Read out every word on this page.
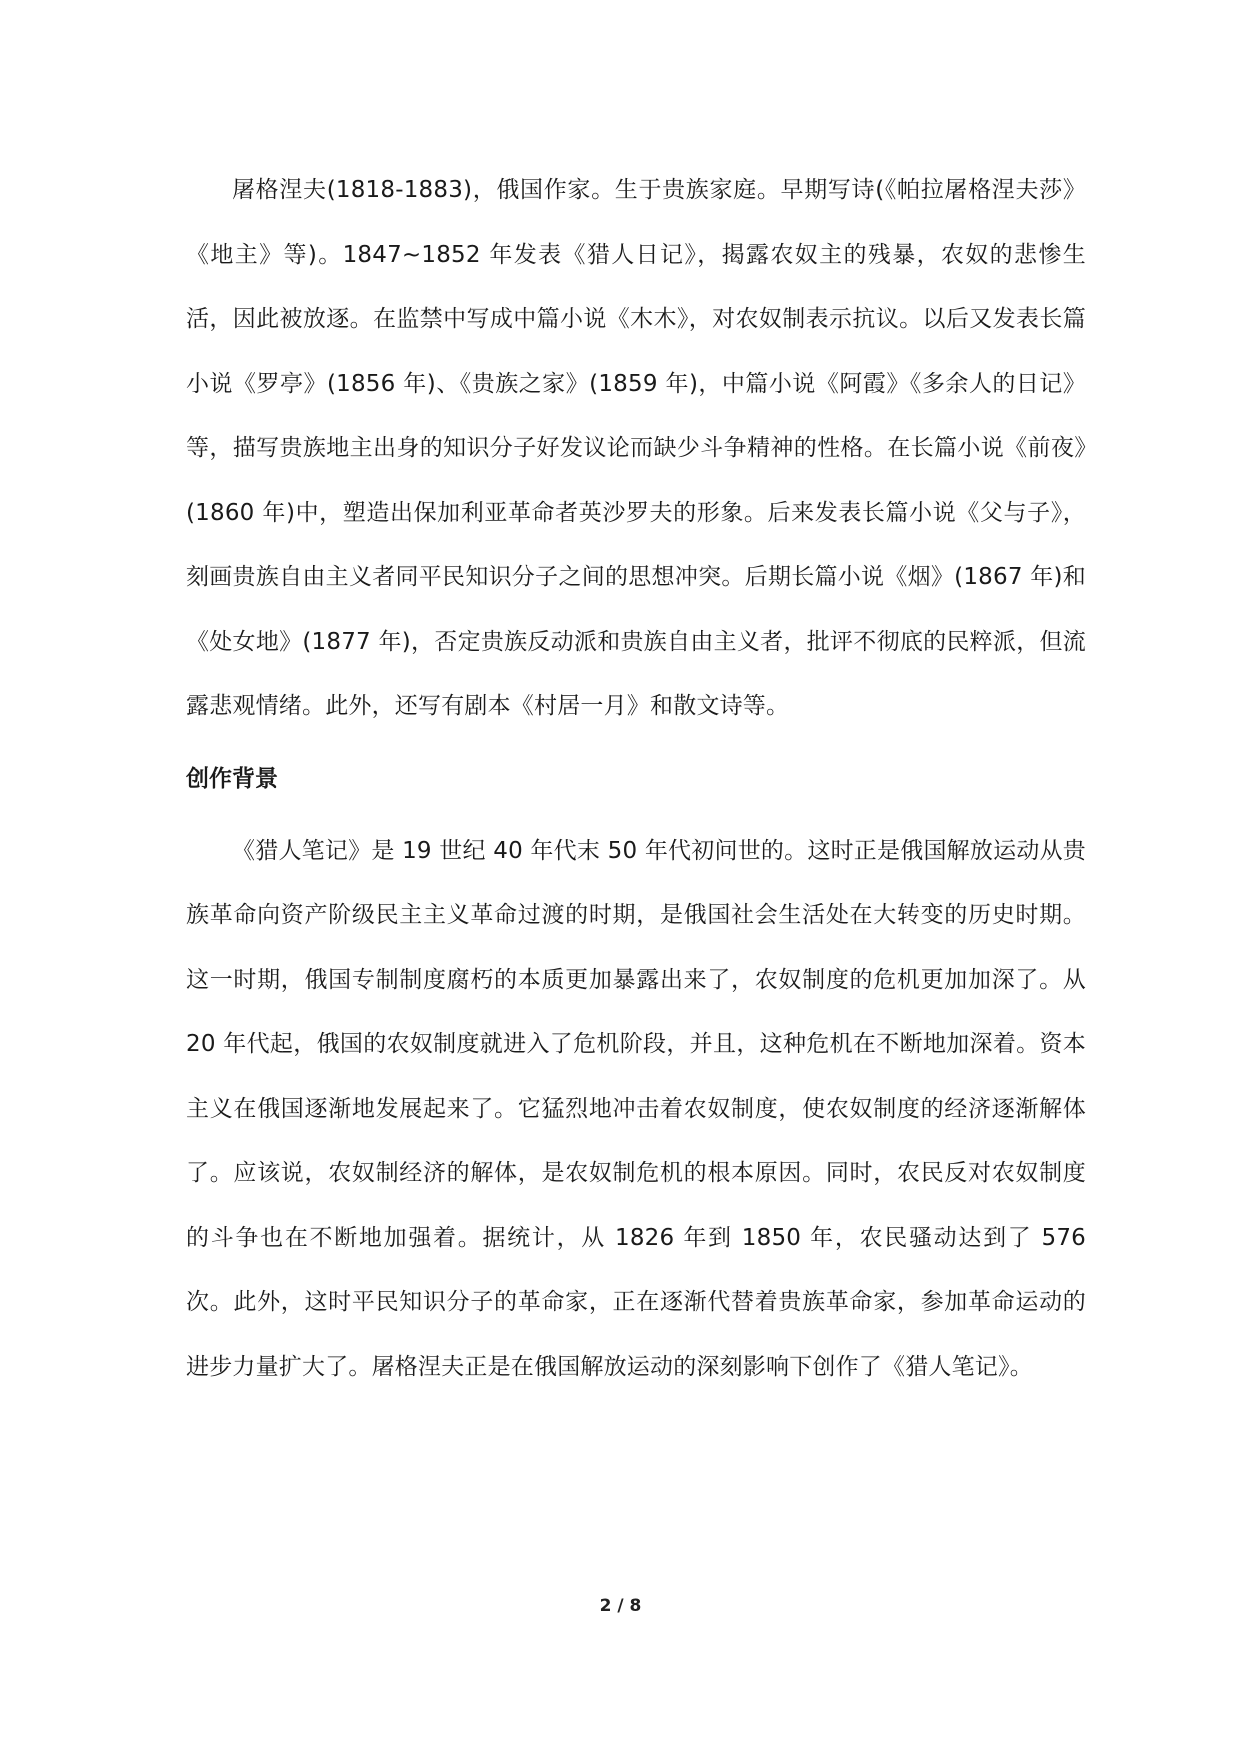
屠格涅夫(1818-1883)，俄国作家。生于贵族家庭。早期写诗(《帕拉屠格涅夫莎》《地主》等)。1847~1852 年发表《猎人日记》，揭露农奴主的残暴，农奴的悲惨生活，因此被放逐。在监禁中写成中篇小说《木木》，对农奴制表示抗议。以后又发表长篇小说《罗亭》(1856 年)、《贵族之家》(1859 年)，中篇小说《阿霞》《多余人的日记》等，描写贵族地主出身的知识分子好发议论而缺少斗争精神的性格。在长篇小说《前夜》(1860 年)中，塑造出保加利亚革命者英沙罗夫的形象。后来发表长篇小说《父与子》，刻画贵族自由主义者同平民知识分子之间的思想冲突。后期长篇小说《烟》(1867 年)和《处女地》(1877 年)，否定贵族反动派和贵族自由主义者，批评不彻底的民粹派，但流露悲观情绪。此外，还写有剧本《村居一月》和散文诗等。

创作背景

《猎人笔记》是 19 世纪 40 年代末 50 年代初问世的。这时正是俄国解放运动从贵族革命向资产阶级民主主义革命过渡的时期，是俄国社会生活处在大转变的历史时期。这一时期，俄国专制制度腐朽的本质更加暴露出来了，农奴制度的危机更加加深了。从 20 年代起，俄国的农奴制度就进入了危机阶段，并且，这种危机在不断地加深着。资本主义在俄国逐渐地发展起来了。它猛烈地冲击着农奴制度，使农奴制度的经济逐渐解体了。应该说，农奴制经济的解体，是农奴制危机的根本原因。同时，农民反对农奴制度的斗争也在不断地加强着。据统计，从 1826 年到 1850 年，农民骚动达到了 576 次。此外，这时平民知识分子的革命家，正在逐渐代替着贵族革命家，参加革命运动的进步力量扩大了。屠格涅夫正是在俄国解放运动的深刻影响下创作了《猎人笔记》。

2 / 8
